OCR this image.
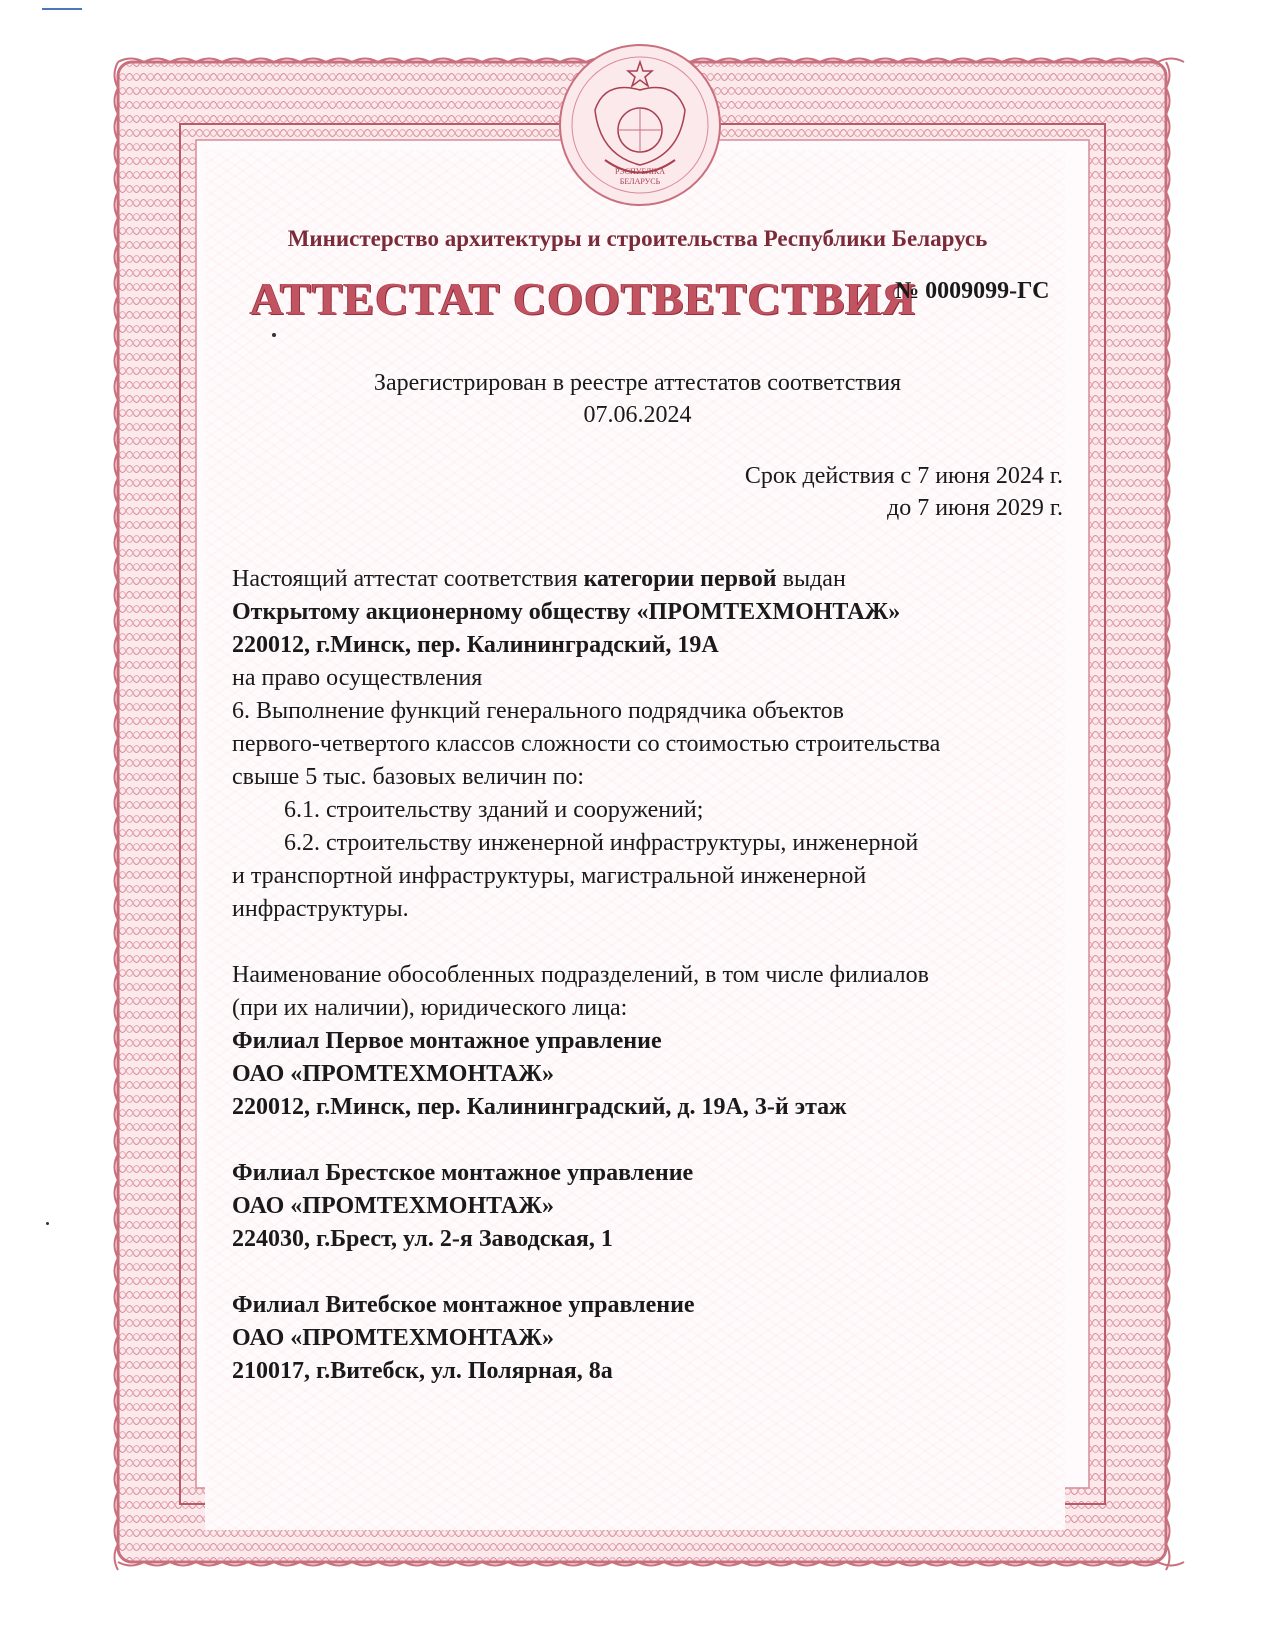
РЭСПУБЛІКА
БЕЛАРУСЬ
Министерство архитектуры и строительства Республики Беларусь
АТТЕСТАТ СООТВЕТСТВИЯ
№ 0009099-ГС
Зарегистрирован в реестре аттестатов соответствия
07.06.2024
Срок действия с 7 июня 2024 г.
до 7 июня 2029 г.
Настоящий аттестат соответствия категории первой выдан
Открытому акционерному обществу «ПРОМТЕХМОНТАЖ»
220012, г.Минск, пер. Калининградский, 19А
на право осуществления
6. Выполнение функций генерального подрядчика объектов
первого-четвертого классов сложности со стоимостью строительства
свыше 5 тыс. базовых величин по:
6.1. строительству зданий и сооружений;
6.2. строительству инженерной инфраструктуры, инженерной
и транспортной инфраструктуры, магистральной инженерной
инфраструктуры.
Наименование обособленных подразделений, в том числе филиалов
(при их наличии), юридического лица:
Филиал Первое монтажное управление
ОАО «ПРОМТЕХМОНТАЖ»
220012, г.Минск, пер. Калининградский, д. 19А, 3-й этаж
Филиал Брестское монтажное управление
ОАО «ПРОМТЕХМОНТАЖ»
224030, г.Брест, ул. 2-я Заводская, 1
Филиал Витебское монтажное управление
ОАО «ПРОМТЕХМОНТАЖ»
210017, г.Витебск, ул. Полярная, 8а
